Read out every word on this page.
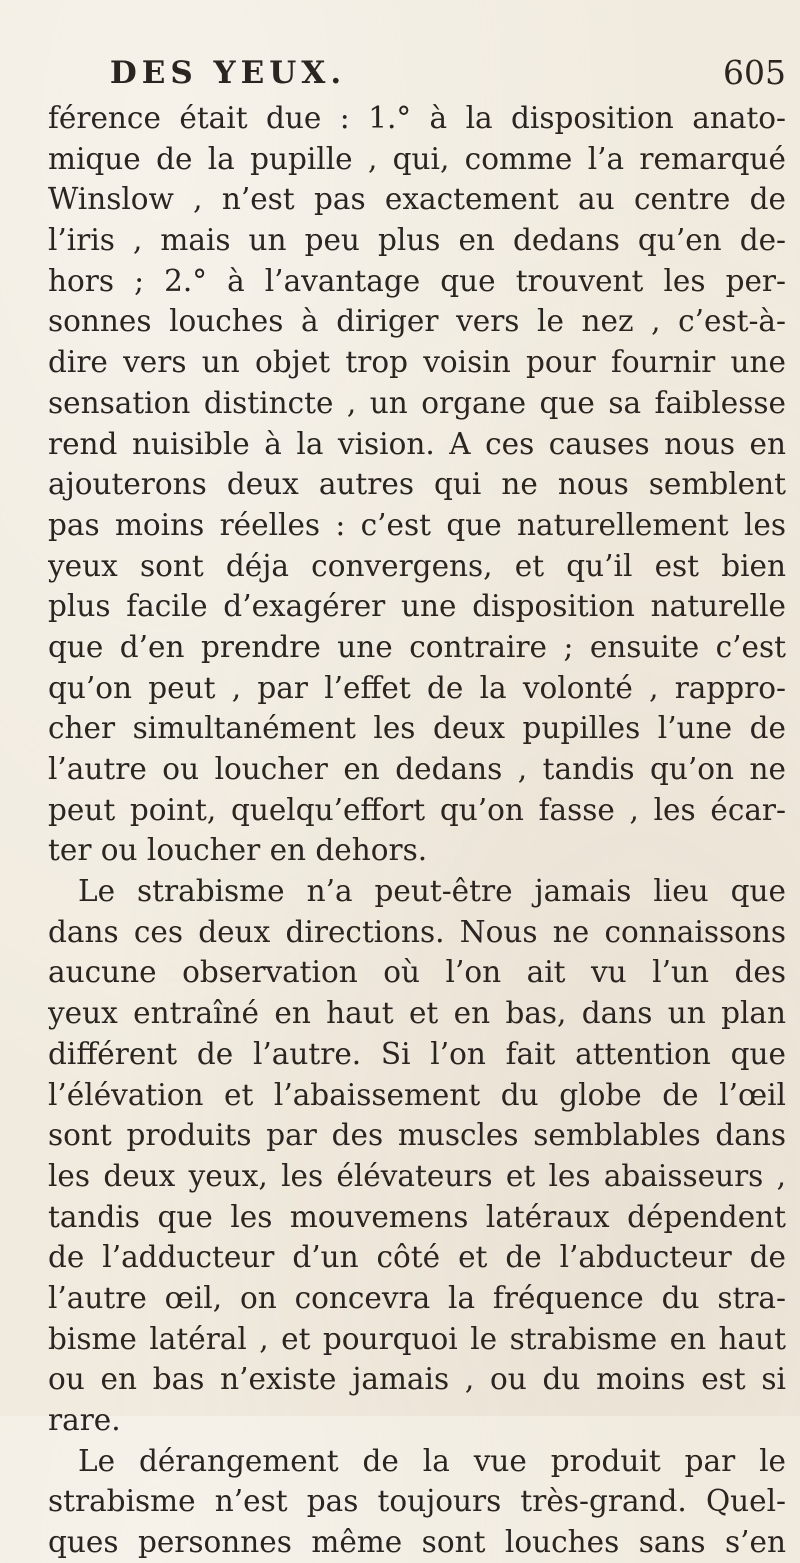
DES YEUX.	605
férence était due : 1.° à la disposition anato-
mique de la pupille , qui, comme l’a remarqué
Winslow , n’est pas exactement au centre de
l’iris , mais un peu plus en dedans qu’en de-
hors ; 2.° à l’avantage que trouvent les per-
sonnes louches à diriger vers le nez , c’est-à-
dire vers un objet trop voisin pour fournir une
sensation distincte , un organe que sa faiblesse
rend nuisible à la vision. A ces causes nous en
ajouterons deux autres qui ne nous semblent
pas moins réelles : c’est que naturellement les
yeux sont déja convergens, et qu’il est bien
plus facile d’exagérer une disposition naturelle
que d’en prendre une contraire ; ensuite c’est
qu’on peut , par l’effet de la volonté , rappro-
cher simultanément les deux pupilles l’une de
l’autre ou loucher en dedans , tandis qu’on ne
peut point, quelqu’effort qu’on fasse , les écar-
ter ou loucher en dehors.
Le strabisme n’a peut-être jamais lieu que
dans ces deux directions. Nous ne connaissons
aucune observation où l’on ait vu l’un des
yeux entraîné en haut et en bas, dans un plan
différent de l’autre. Si l’on fait attention que
l’élévation et l’abaissement du globe de l’œil
sont produits par des muscles semblables dans
les deux yeux, les élévateurs et les abaisseurs ,
tandis que les mouvemens latéraux dépendent
de l’adducteur d’un côté et de l’abducteur de
l’autre œil, on concevra la fréquence du stra-
bisme latéral , et pourquoi le strabisme en haut
ou en bas n’existe jamais , ou du moins est si
rare.
Le dérangement de la vue produit par le
strabisme n’est pas toujours très-grand. Quel-
ques personnes même sont louches sans s’en
